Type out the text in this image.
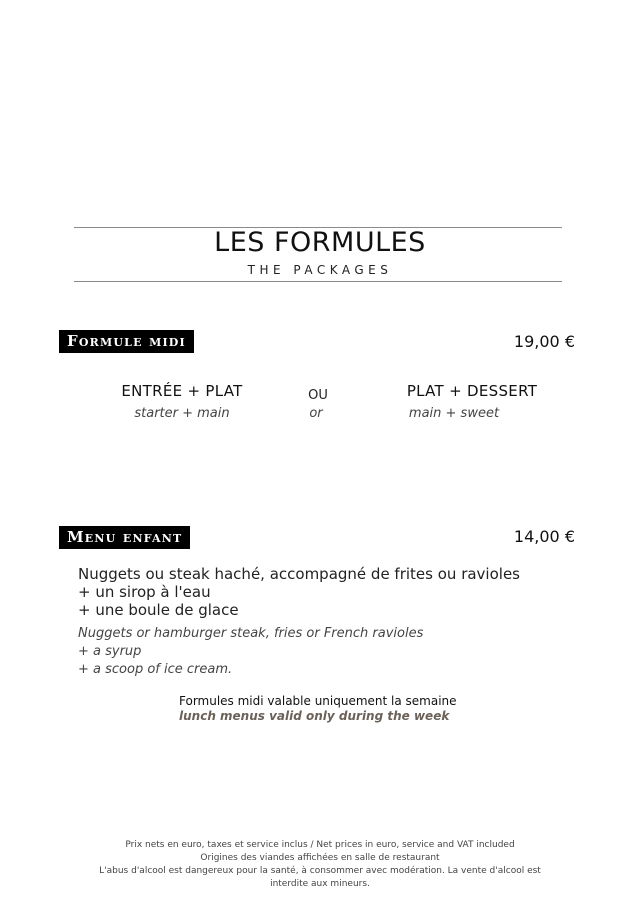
LES FORMULES
THE PACKAGES
Formule midi	19,00 €
ENTRÉE + PLAT
starter + main
OU
or
PLAT + DESSERT
main + sweet
Menu enfant	14,00 €
Nuggets ou steak haché, accompagné de frites ou ravioles
+ un sirop à l'eau
+ une boule de glace
Nuggets or hamburger steak, fries or French ravioles
+ a syrup
+ a scoop of ice cream.
Formules midi valable uniquement la semaine
lunch menus valid only during the week
Prix nets en euro, taxes et service inclus / Net prices in euro, service and VAT included
Origines des viandes affichées en salle de restaurant
L'abus d'alcool est dangereux pour la santé, à consommer avec modération. La vente d'alcool est interdite aux mineurs.
